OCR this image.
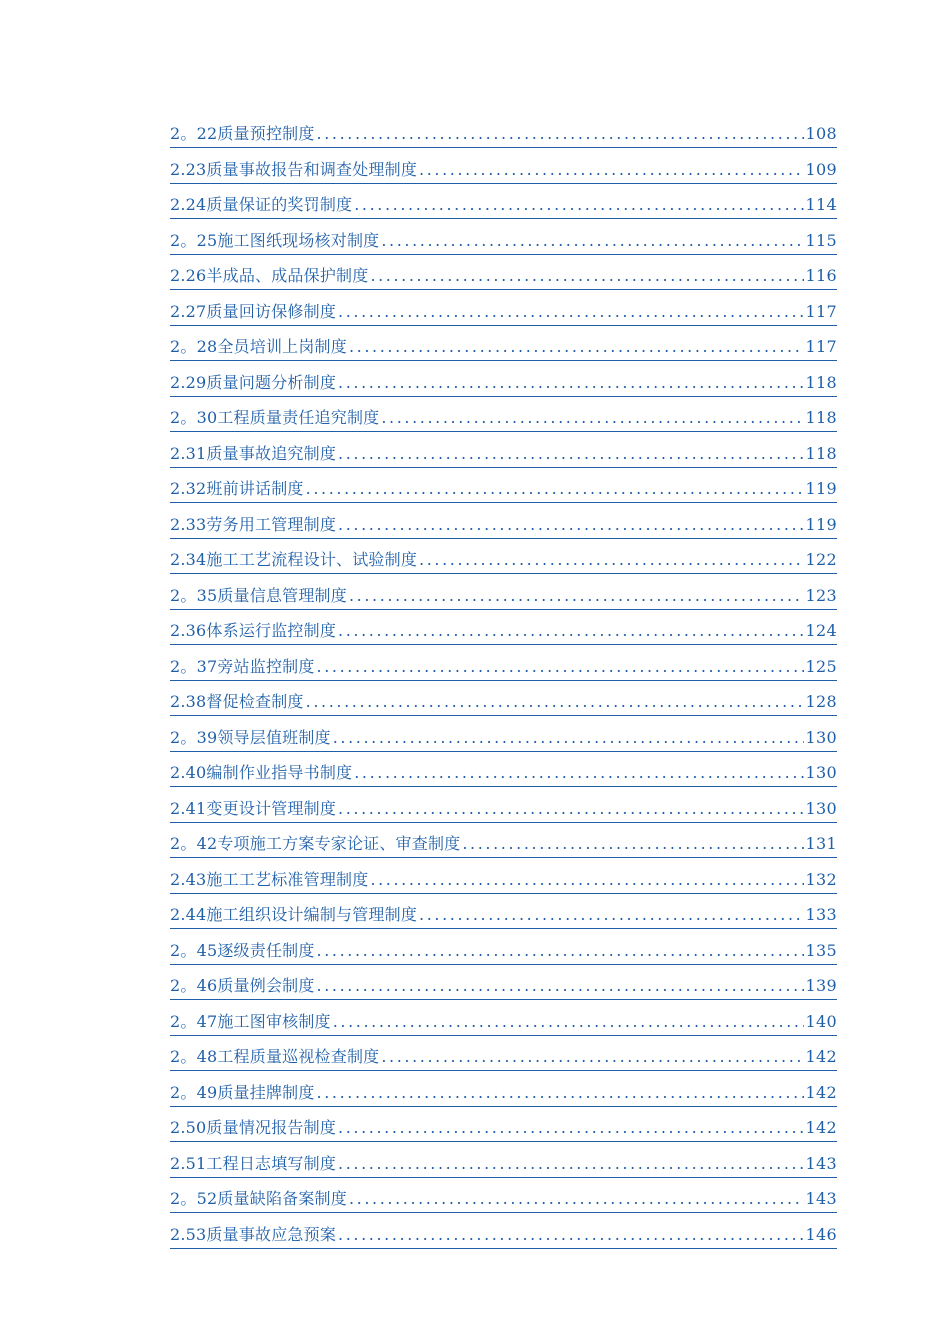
2。22质量预控制度 .....	108
2.23质量事故报告和调查处理制度 .....	109
2.24质量保证的奖罚制度 .....	114
2。25施工图纸现场核对制度 .....	115
2.26半成品、成品保护制度 .....	116
2.27质量回访保修制度 .....	117
2。28全员培训上岗制度 .....	117
2.29质量问题分析制度 .....	118
2。30工程质量责任追究制度 .....	118
2.31质量事故追究制度 .....	118
2.32班前讲话制度 .....	119
2.33劳务用工管理制度 .....	119
2.34施工工艺流程设计、试验制度 .....	122
2。35质量信息管理制度 .....	123
2.36体系运行监控制度 .....	124
2。37旁站监控制度 .....	125
2.38督促检查制度 .....	128
2。39领导层值班制度 .....	130
2.40编制作业指导书制度 .....	130
2.41变更设计管理制度 .....	130
2。42专项施工方案专家论证、审查制度 .....	131
2.43施工工艺标准管理制度 .....	132
2.44施工组织设计编制与管理制度 .....	133
2。45逐级责任制度 .....	135
2。46质量例会制度 .....	139
2。47施工图审核制度 .....	140
2。48工程质量巡视检查制度 .....	142
2。49质量挂牌制度 .....	142
2.50质量情况报告制度 .....	142
2.51工程日志填写制度 .....	143
2。52质量缺陷备案制度 .....	143
2.53质量事故应急预案 .....	146
